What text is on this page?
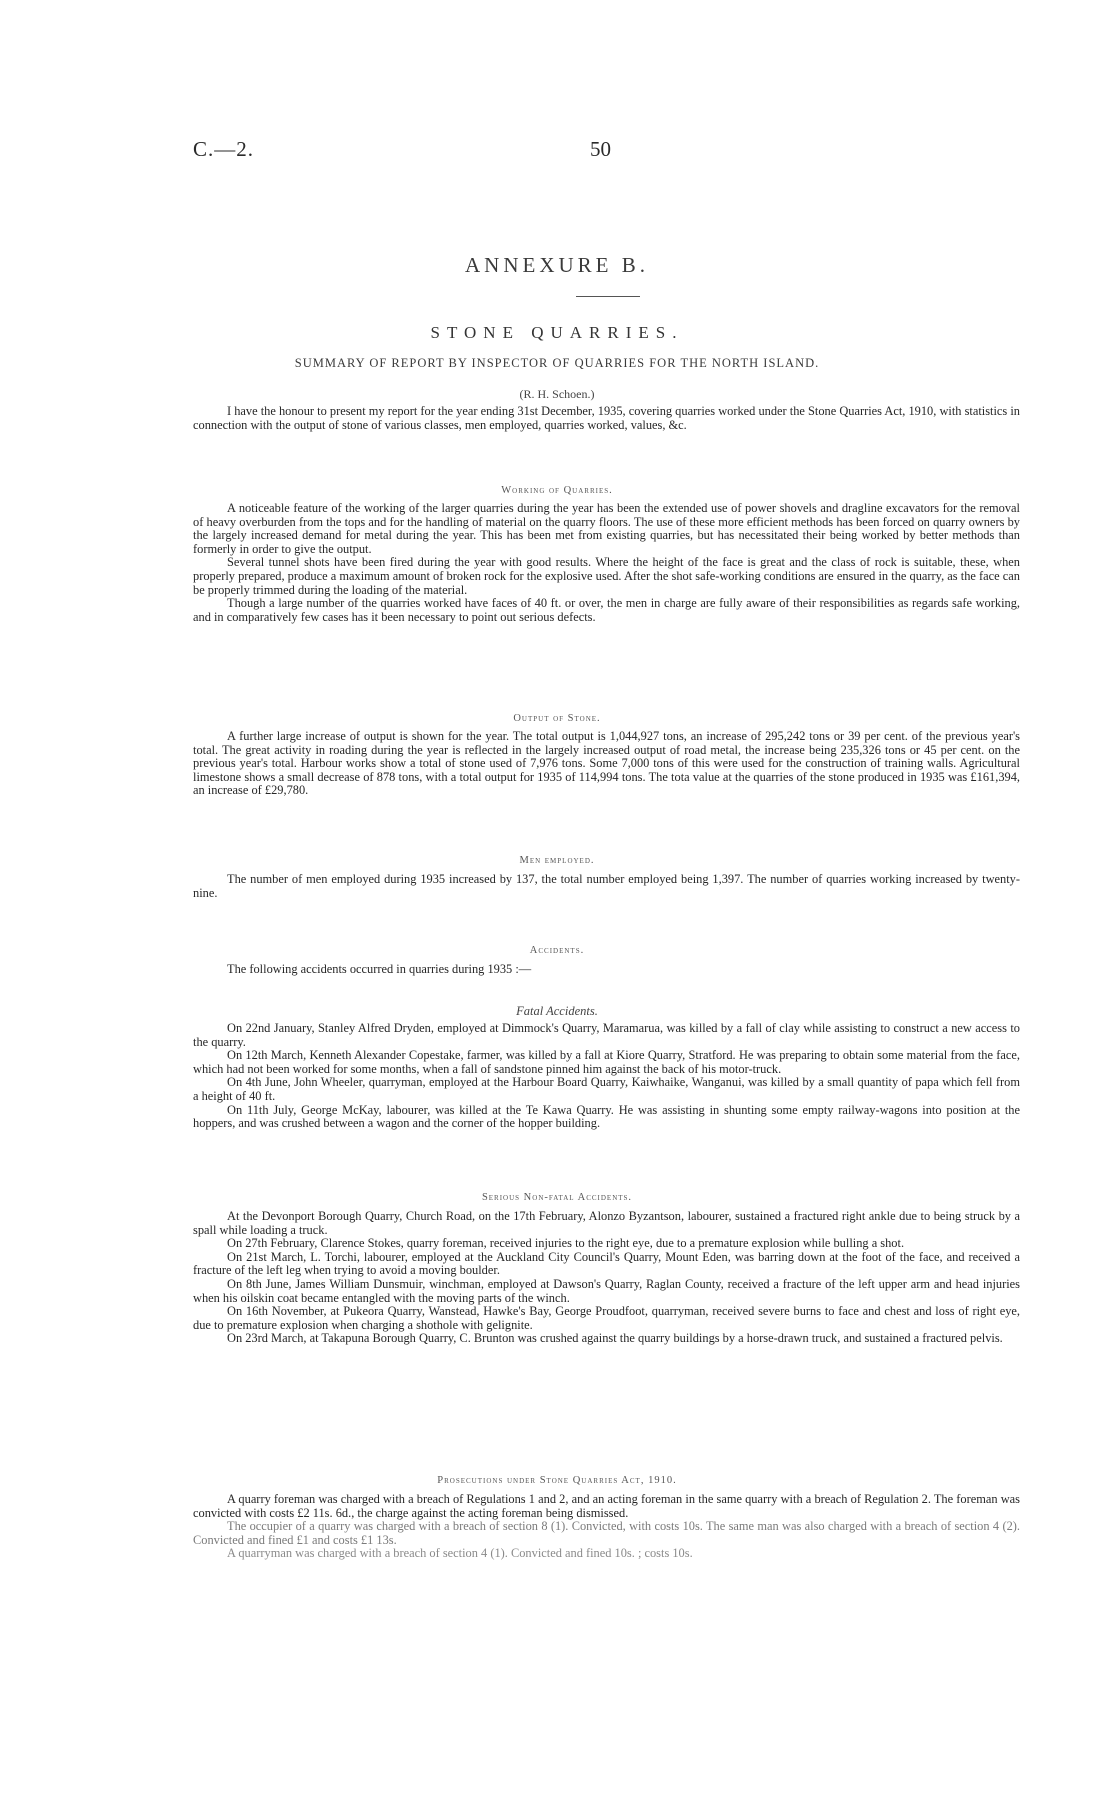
C.—2.	50
ANNEXURE B.
STONE QUARRIES.
SUMMARY OF REPORT BY INSPECTOR OF QUARRIES FOR THE NORTH ISLAND.
(R. H. Schoen.)

I have the honour to present my report for the year ending 31st December, 1935, covering quarries worked under the Stone Quarries Act, 1910, with statistics in connection with the output of stone of various classes, men employed, quarries worked, values, &c.

Working of Quarries.

A noticeable feature of the working of the larger quarries during the year has been the extended use of power shovels and dragline excavators for the removal of heavy overburden from the tops and for the handling of material on the quarry floors. The use of these more efficient methods has been forced on quarry owners by the largely increased demand for metal during the year. This has been met from existing quarries, but has necessitated their being worked by better methods than formerly in order to give the output.

Several tunnel shots have been fired during the year with good results. Where the height of the face is great and the class of rock is suitable, these, when properly prepared, produce a maximum amount of broken rock for the explosive used. After the shot safe-working conditions are ensured in the quarry, as the face can be properly trimmed during the loading of the material.

Though a large number of the quarries worked have faces of 40 ft. or over, the men in charge are fully aware of their responsibilities as regards safe working, and in comparatively few cases has it been necessary to point out serious defects.

Output of Stone.

A further large increase of output is shown for the year. The total output is 1,044,927 tons, an increase of 295,242 tons or 39 per cent. of the previous year's total. The great activity in roading during the year is reflected in the largely increased output of road metal, the increase being 235,326 tons or 45 per cent. on the previous year's total. Harbour works show a total of stone used of 7,976 tons. Some 7,000 tons of this were used for the construction of training walls. Agricultural limestone shows a small decrease of 878 tons, with a total output for 1935 of 114,994 tons. The tota value at the quarries of the stone produced in 1935 was £161,394, an increase of £29,780.

Men employed.

The number of men employed during 1935 increased by 137, the total number employed being 1,397. The number of quarries working increased by twenty-nine.

Accidents.

The following accidents occurred in quarries during 1935 :—

Fatal Accidents.

On 22nd January, Stanley Alfred Dryden, employed at Dimmock's Quarry, Maramarua, was killed by a fall of clay while assisting to construct a new access to the quarry.

On 12th March, Kenneth Alexander Copestake, farmer, was killed by a fall at Kiore Quarry, Stratford. He was preparing to obtain some material from the face, which had not been worked for some months, when a fall of sandstone pinned him against the back of his motor-truck.

On 4th June, John Wheeler, quarryman, employed at the Harbour Board Quarry, Kaiwhaike, Wanganui, was killed by a small quantity of papa which fell from a height of 40 ft.

On 11th July, George McKay, labourer, was killed at the Te Kawa Quarry. He was assisting in shunting some empty railway-wagons into position at the hoppers, and was crushed between a wagon and the corner of the hopper building.

Serious Non-fatal Accidents.

At the Devonport Borough Quarry, Church Road, on the 17th February, Alonzo Byzantson, labourer, sustained a fractured right ankle due to being struck by a spall while loading a truck.

On 27th February, Clarence Stokes, quarry foreman, received injuries to the right eye, due to a premature explosion while bulling a shot.

On 21st March, L. Torchi, labourer, employed at the Auckland City Council's Quarry, Mount Eden, was barring down at the foot of the face, and received a fracture of the left leg when trying to avoid a moving boulder.

On 8th June, James William Dunsmuir, winchman, employed at Dawson's Quarry, Raglan County, received a fracture of the left upper arm and head injuries when his oilskin coat became entangled with the moving parts of the winch.

On 16th November, at Pukeora Quarry, Wanstead, Hawke's Bay, George Proudfoot, quarryman, received severe burns to face and chest and loss of right eye, due to premature explosion when charging a shothole with gelignite.

On 23rd March, at Takapuna Borough Quarry, C. Brunton was crushed against the quarry buildings by a horse-drawn truck, and sustained a fractured pelvis.

Prosecutions under Stone Quarries Act, 1910.

A quarry foreman was charged with a breach of Regulations 1 and 2, and an acting foreman in the same quarry with a breach of Regulation 2. The foreman was convicted with costs £2 11s. 6d., the charge against the acting foreman being dismissed.

The occupier of a quarry was charged with a breach of section 8 (1). Convicted, with costs 10s. The same man was also charged with a breach of section 4 (2). Convicted and fined £1 and costs £1 13s.

A quarryman was charged with a breach of section 4 (1). Convicted and fined 10s. ; costs 10s.
